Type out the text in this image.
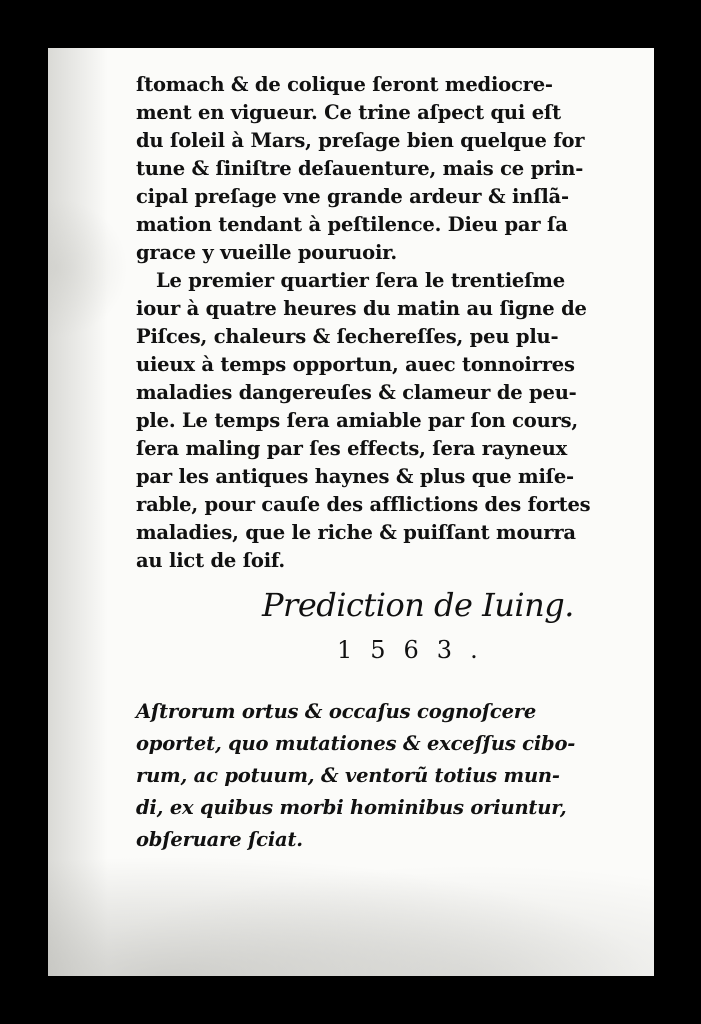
ſtomach & de colique ſeront mediocre-
ment en vigueur. Ce trine aſpect qui eſt
du ſoleil à Mars, preſage bien quelque for
tune & ſiniſtre deſauenture, mais ce prin-
cipal preſage vne grande ardeur & inſlã-
mation tendant à peſtilence. Dieu par ſa
grace y vueille pouruoir.
Le premier quartier ſera le trentieſme
iour à quatre heures du matin au ſigne de
Piſces, chaleurs & ſechereſſes, peu plu-
uieux à temps opportun, auec tonnoirres
maladies dangereuſes & clameur de peu-
ple. Le temps ſera amiable par ſon cours,
ſera maling par ſes effects, ſera rayneux
par les antiques haynes & plus que miſe-
rable, pour cauſe des afflictions des fortes
maladies, que le riche & puiſſant mourra
au lict de ſoif.
Prediction de Iuing.
1563.
Aſtrorum ortus & occaſus cognoſcere
oportet, quo mutationes & exceſſus cibo-
rum, ac potuum, & ventorũ totius mun-
di, ex quibus morbi hominibus oriuntur,
obſeruare ſciat.
